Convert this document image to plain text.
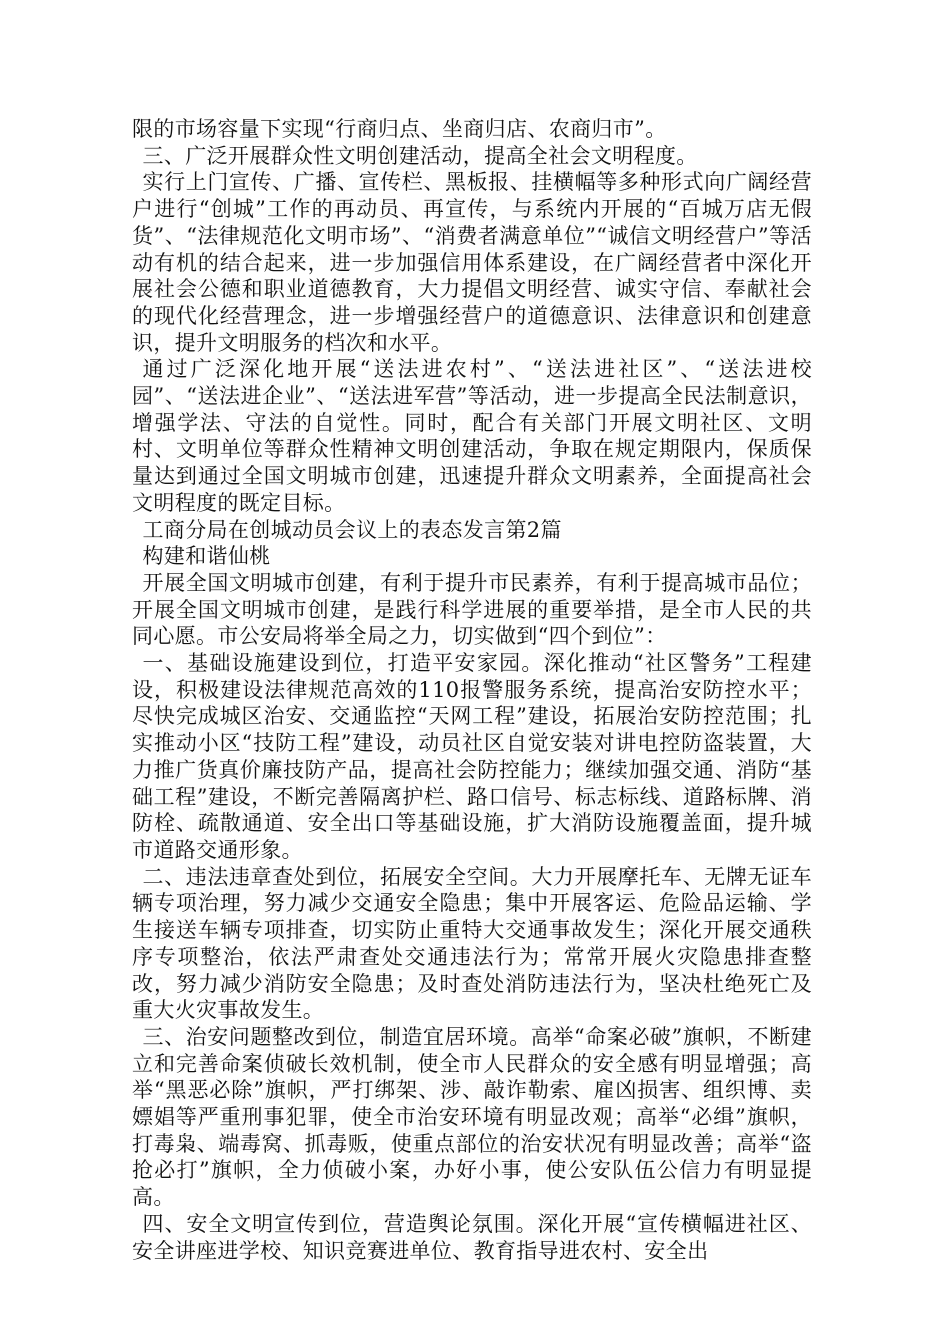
限的市场容量下实现“行商归点、坐商归店、农商归市”。

三、广泛开展群众性文明创建活动，提高全社会文明程度。

实行上门宣传、广播、宣传栏、黑板报、挂横幅等多种形式向广阔经营户进行“创城”工作的再动员、再宣传，与系统内开展的“百城万店无假货”、“法律规范化文明市场”、“消费者满意单位”“诚信文明经营户”等活动有机的结合起来，进一步加强信用体系建设，在广阔经营者中深化开展社会公德和职业道德教育，大力提倡文明经营、诚实守信、奉献社会的现代化经营理念，进一步增强经营户的道德意识、法律意识和创建意识，提升文明服务的档次和水平。

通过广泛深化地开展“送法进农村”、“送法进社区”、“送法进校园”、“送法进企业”、“送法进军营”等活动，进一步提高全民法制意识，增强学法、守法的自觉性。同时，配合有关部门开展文明社区、文明村、文明单位等群众性精神文明创建活动，争取在规定期限内，保质保量达到通过全国文明城市创建，迅速提升群众文明素养，全面提高社会文明程度的既定目标。

工商分局在创城动员会议上的表态发言第2篇

构建和谐仙桃

开展全国文明城市创建，有利于提升市民素养，有利于提高城市品位；开展全国文明城市创建，是践行科学进展的重要举措，是全市人民的共同心愿。市公安局将举全局之力，切实做到“四个到位”：

一、基础设施建设到位，打造平安家园。深化推动“社区警务”工程建设，积极建设法律规范高效的110报警服务系统，提高治安防控水平； 尽快完成城区治安、交通监控“天网工程”建设，拓展治安防控范围；扎实推动小区“技防工程”建设，动员社区自觉安装对讲电控防盗装置，大力推广货真价廉技防产品，提高社会防控能力；继续加强交通、消防“基础工程”建设，不断完善隔离护栏、路口信号、标志标线、道路标牌、消防栓、疏散通道、安全出口等基础设施，扩大消防设施覆盖面，提升城市道路交通形象。

二、违法违章查处到位，拓展安全空间。大力开展摩托车、无牌无证车辆专项治理，努力减少交通安全隐患；集中开展客运、危险品运输、学生接送车辆专项排查，切实防止重特大交通事故发生；深化开展交通秩序专项整治，依法严肃查处交通违法行为；常常开展火灾隐患排查整改，努力减少消防安全隐患；及时查处消防违法行为，坚决杜绝死亡及重大火灾事故发生。

三、治安问题整改到位，制造宜居环境。高举“命案必破”旗帜，不断建立和完善命案侦破长效机制，使全市人民群众的安全感有明显增强；高举“黑恶必除”旗帜，严打绑架、涉、敲诈勒索、雇凶损害、组织博、卖嫖娼等严重刑事犯罪，使全市治安环境有明显改观；高举“必缉”旗帜，打毒枭、端毒窝、抓毒贩，使重点部位的治安状况有明显改善；高举“盗抢必打”旗帜，全力侦破小案，办好小事，使公安队伍公信力有明显提高。

四、安全文明宣传到位，营造舆论氛围。深化开展“宣传横幅进社区、安全讲座进学校、知识竞赛进单位、教育指导进农村、安全出
